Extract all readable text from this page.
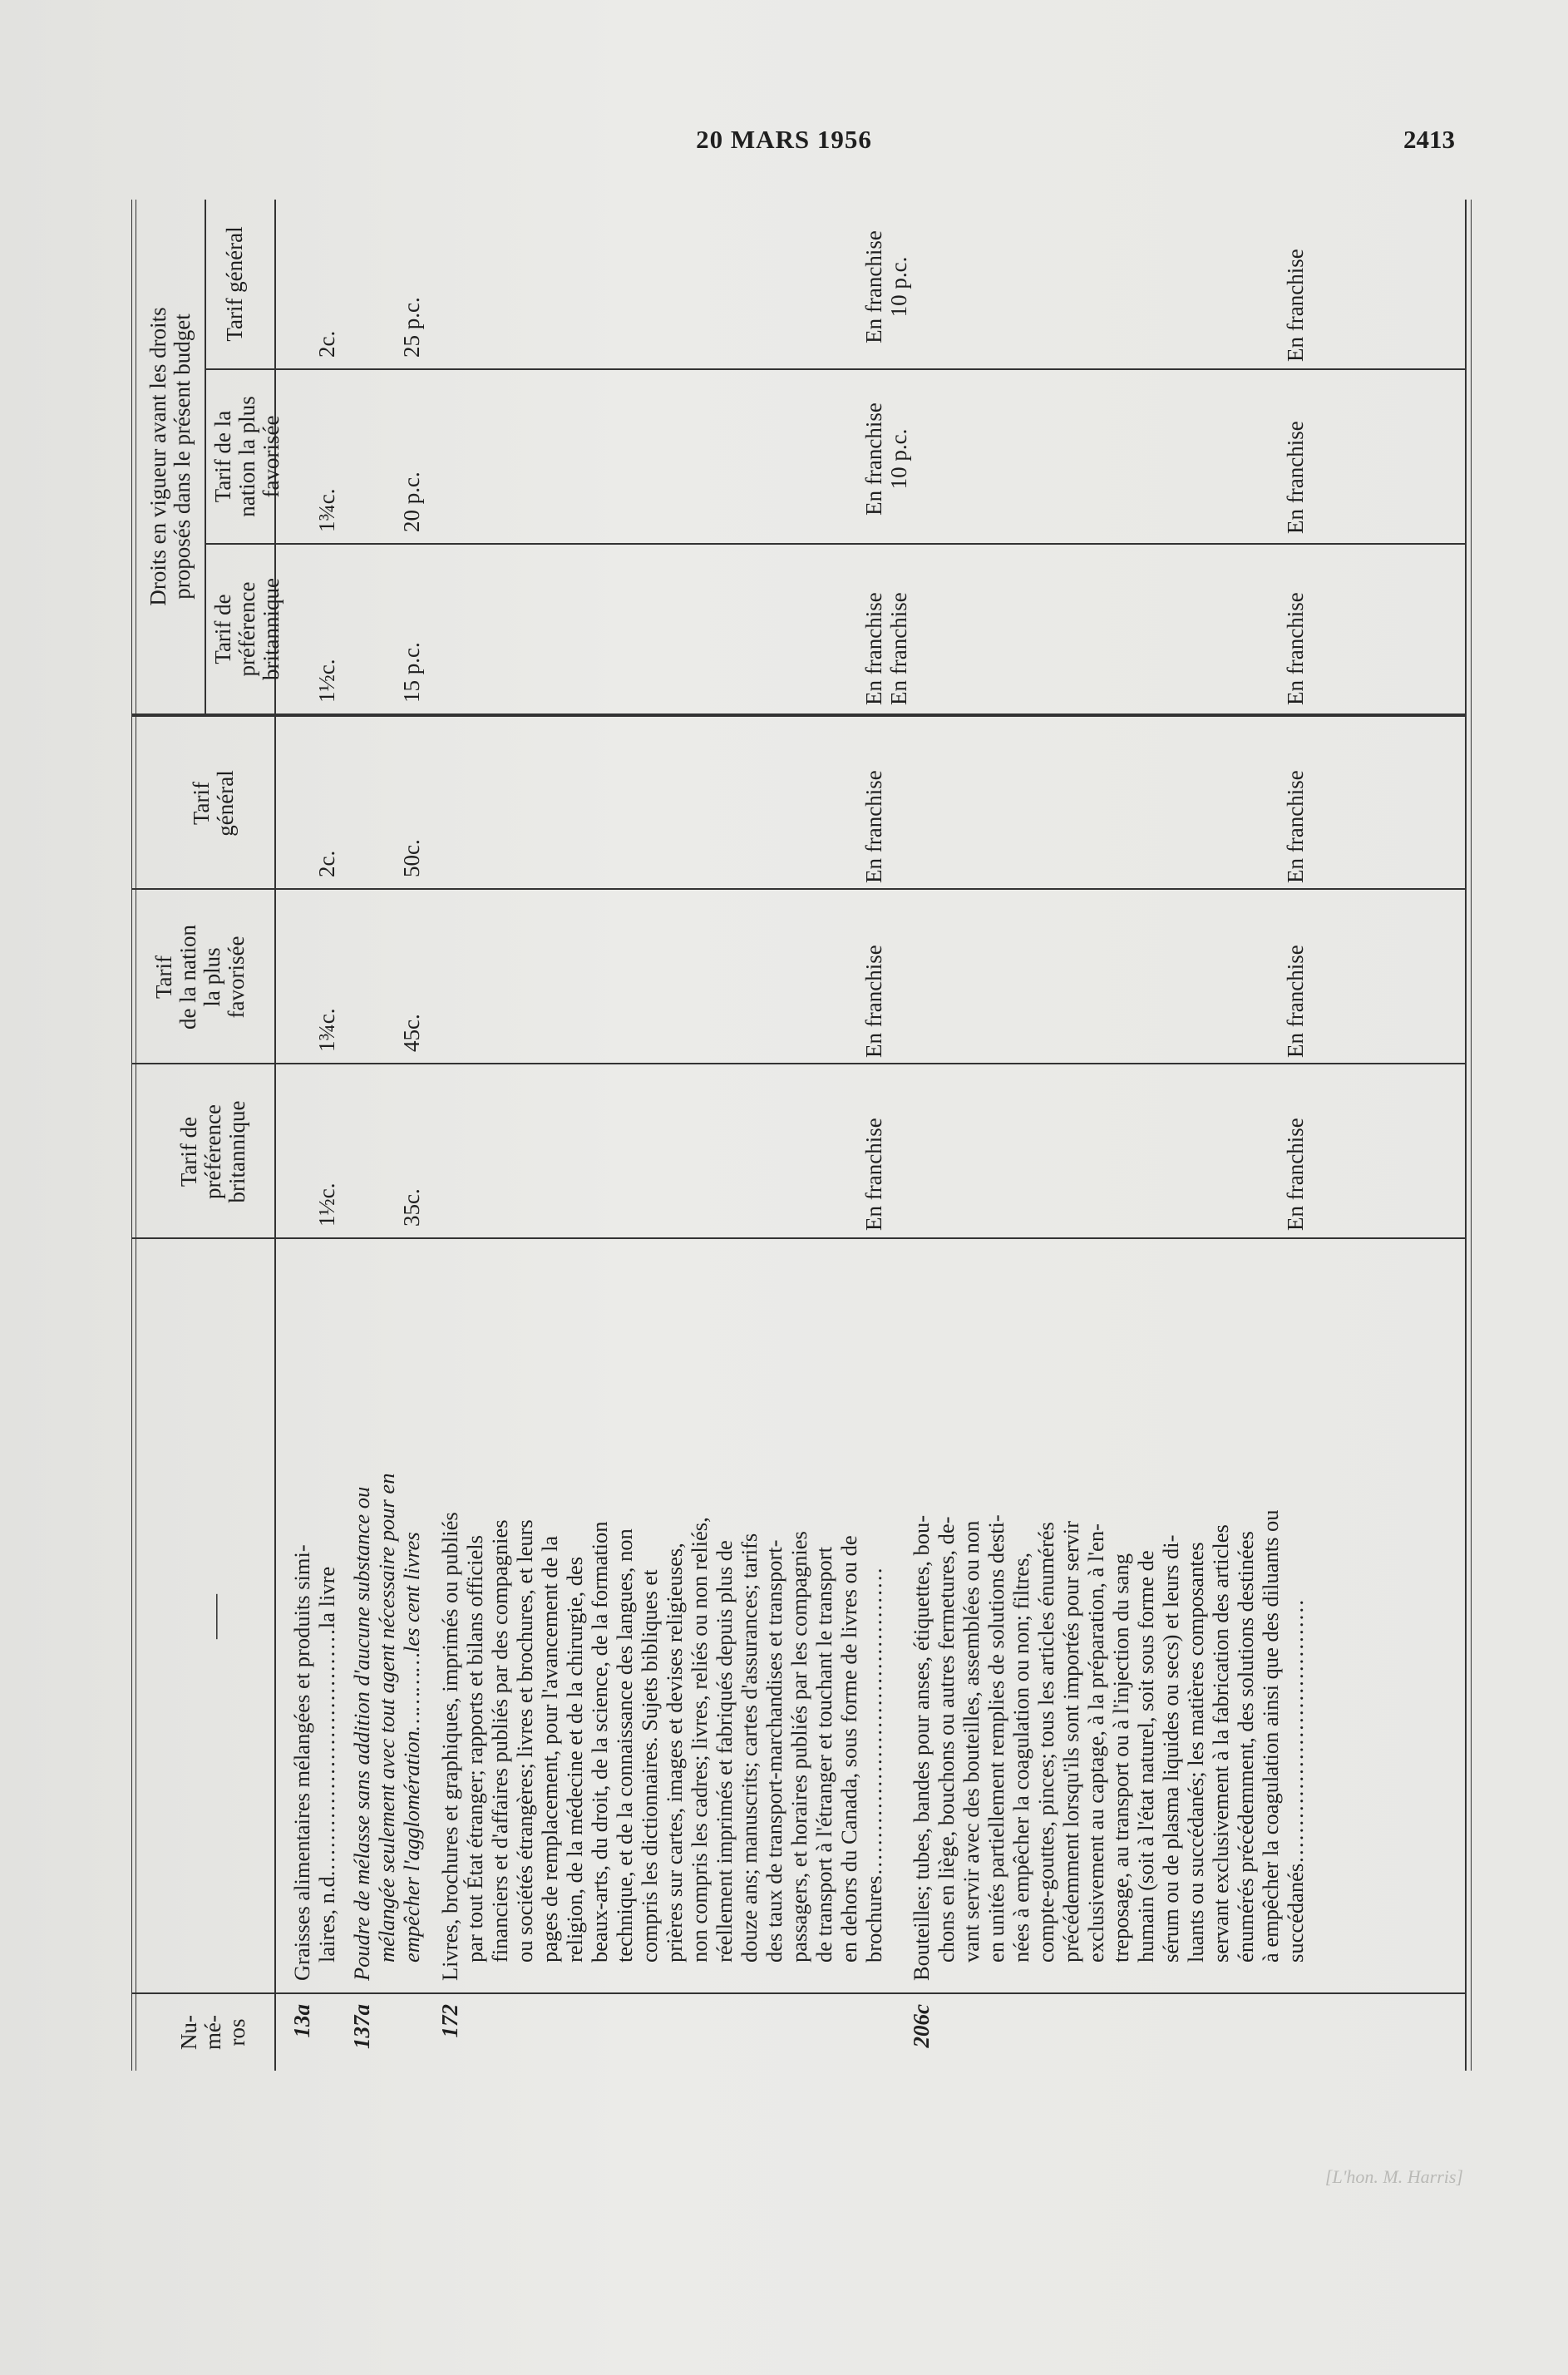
20 MARS 1956	2413
[L'hon. M. Harris]
Nu-
mé-
ros
——
Tarif de
préférence
britannique
Tarif
de la nation
la plus
favorisée
Tarif
général
Droits en vigueur avant les droits
proposés dans le présent budget
Tarif de
préférence
britannique
Tarif de la
nation la plus
favorisée
Tarif général
13a
Graisses alimentaires mélangées et produits simi- laires, n.d.……………………………la livre
1½c.
1¾c.
2c.
1½c.
1¾c.
2c.
137a
Poudre de mélasse sans addition d'aucune substance ou mélangée seulement avec tout agent nécessaire pour en empêcher l'agglomération…………les cent livres
35c.
45c.
50c.
15 p.c.
20 p.c.
25 p.c.
172
Livres, brochures et graphiques, imprimés ou publiés par tout État étranger; rapports et bilans officiels financiers et d'affaires publiés par des compagnies ou sociétés étrangères; livres et brochures, et leurs pages de remplacement, pour l'avancement de la religion, de la médecine et de la chirurgie, des beaux-arts, du droit, de la science, de la formation technique, et de la connaissance des langues, non compris les dictionnaires. Sujets bibliques et prières sur cartes, images et devises religieuses, non compris les cadres; livres, reliés ou non reliés, réellement imprimés et fabriqués depuis plus de douze ans; manuscrits; cartes d'assurances; tarifs des taux de transport-marchandises et transport- passagers, et horaires publiés par les compagnies de transport à l'étranger et touchant le transport en dehors du Canada, sous forme de livres ou de brochures……………………………………
En franchise
En franchise
En franchise
En franchise
En franchise
En franchise
10 p.c.
En franchise
10 p.c.
206c
Bouteilles; tubes, bandes pour anses, étiquettes, bou- chons en liège, bouchons ou autres fermetures, de- vant servir avec des bouteilles, assemblées ou non en unités partiellement remplies de solutions desti- nées à empêcher la coagulation ou non; filtres, compte-gouttes, pinces; tous les articles énumérés précédemment lorsqu'ils sont importés pour servir exclusivement au captage, à la préparation, à l'en- treposage, au transport ou à l'injection du sang humain (soit à l'état naturel, soit sous forme de sérum ou de plasma liquides ou secs) et leurs di- luants ou succédanés; les matières composantes servant exclusivement à la fabrication des articles énumérés précédemment, des solutions destinées à empêcher la coagulation ainsi que des diluants ou succédanés………………………………
En franchise
En franchise
En franchise
En franchise
En franchise
En franchise
